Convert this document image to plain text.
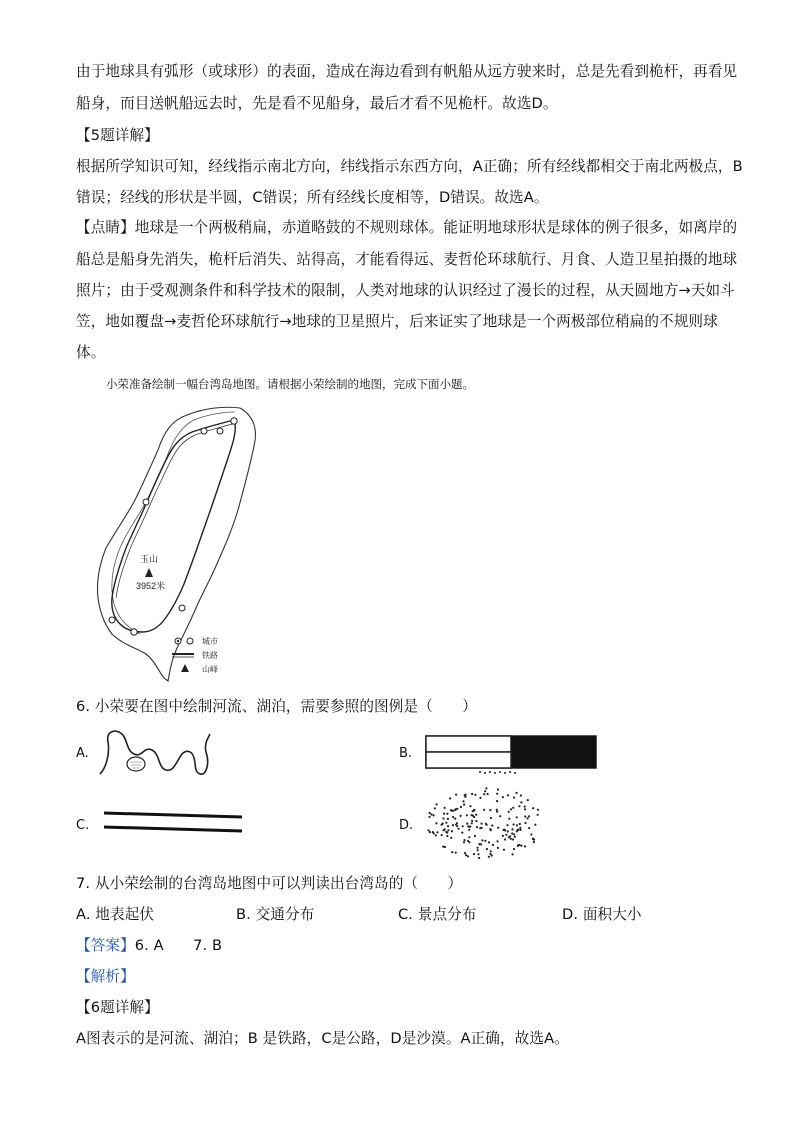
由于地球具有弧形（或球形）的表面，造成在海边看到有帆船从远方驶来时，总是先看到桅杆，再看见
船身，而目送帆船远去时，先是看不见船身，最后才看不见桅杆。故选D。
【5题详解】
根据所学知识可知，经线指示南北方向，纬线指示东西方向，A正确；所有经线都相交于南北两极点，B
错误；经线的形状是半圆，C错误；所有经线长度相等，D错误。故选A。
【点睛】地球是一个两极稍扁，赤道略鼓的不规则球体。能证明地球形状是球体的例子很多，如离岸的
船总是船身先消失，桅杆后消失、站得高，才能看得远、麦哲伦环球航行、月食、人造卫星拍摄的地球
照片；由于受观测条件和科学技术的限制，人类对地球的认识经过了漫长的过程，从天圆地方→天如斗
笠，地如覆盘→麦哲伦环球航行→地球的卫星照片，后来证实了地球是一个两极部位稍扁的不规则球
体。
小荣准备绘制一幅台湾岛地图。请根据小荣绘制的地图，完成下面小题。
玉山
3952米
城市
铁路
山峰
6. 小荣要在图中绘制河流、湖泊，需要参照的图例是（　　）
A.	B.
C.	D.
7. 从小荣绘制的台湾岛地图中可以判读出台湾岛的（　　）
A. 地表起伏	B. 交通分布	C. 景点分布	D. 面积大小
【答案】6. A　　7. B
【解析】
【6题详解】
A图表示的是河流、湖泊；B 是铁路，C是公路，D是沙漠。A正确，故选A。
